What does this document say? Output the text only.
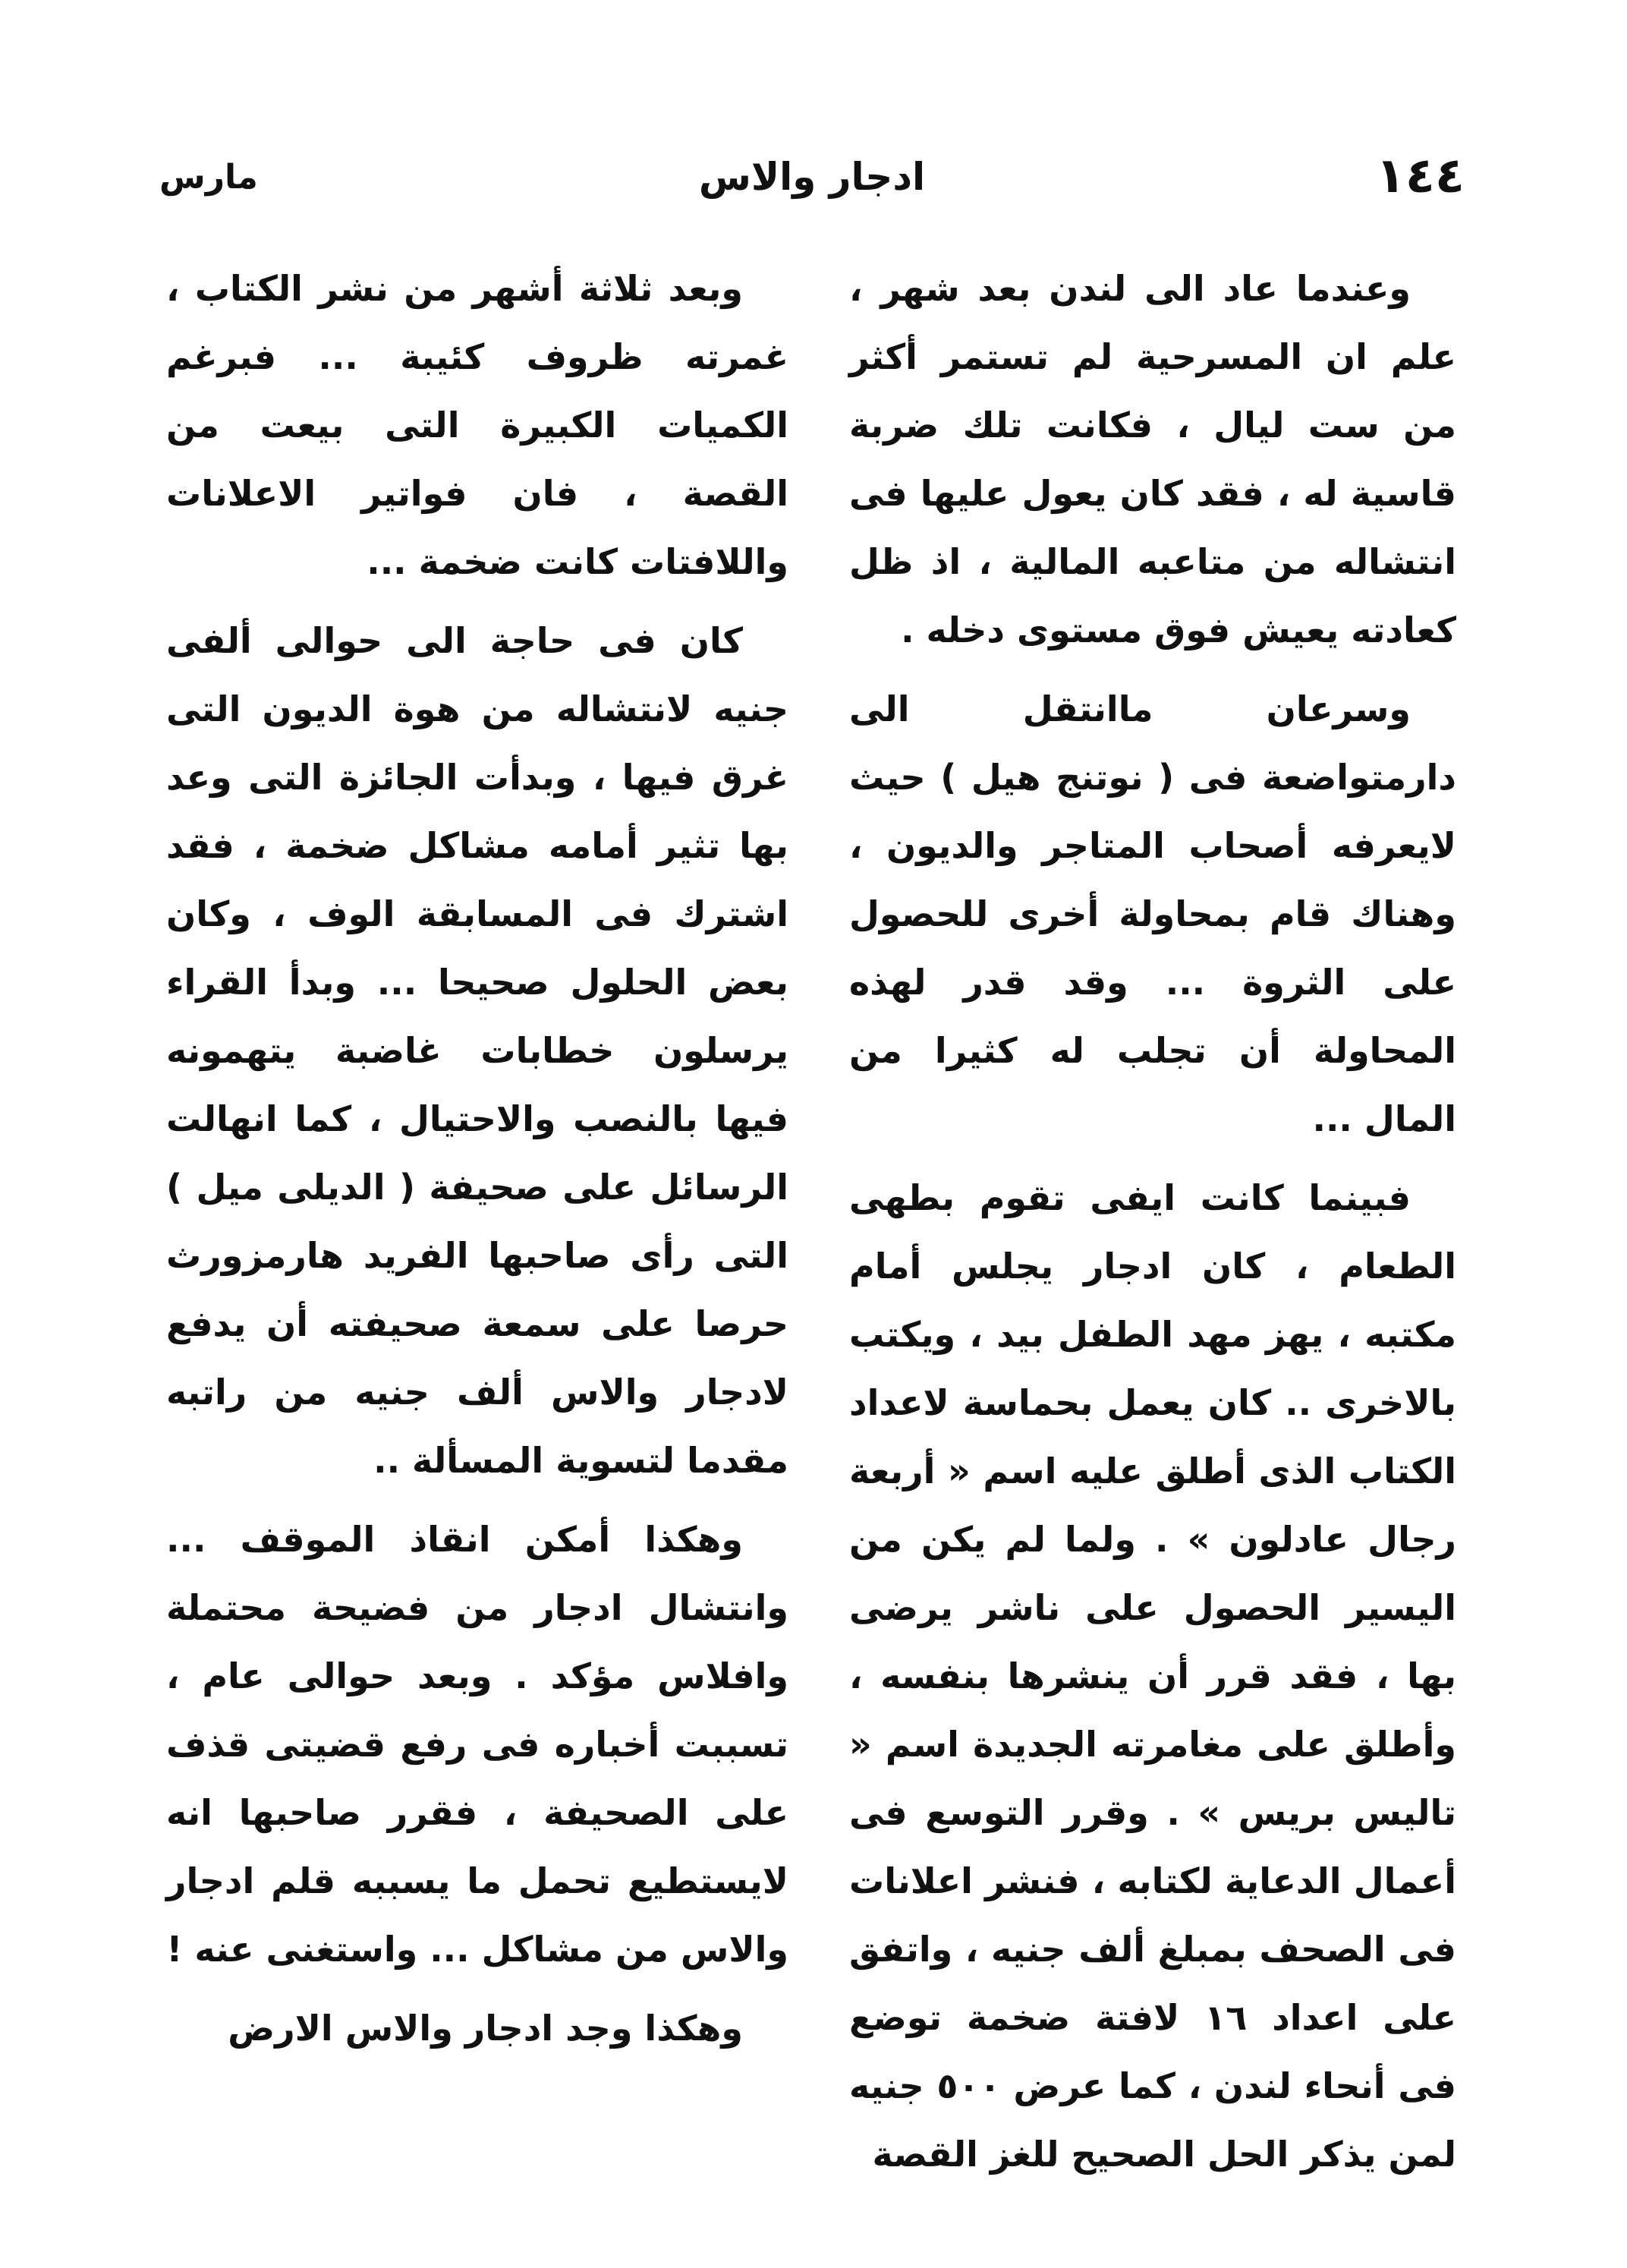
١٤٤
ادجار والاس
مارس

وعندما عاد الى لندن بعد شهر ، علم ان المسرحية لم تستمر أكثر من ست ليال ، فكانت تلك ضربة قاسية له ، فقد كان يعول عليها فى انتشاله من متاعبه المالية ، اذ ظل كعادته يعيش فوق مستوى دخله .

وسرعان ماانتقل الى دارمتواضعة فى ( نوتنج هيل ) حيث لايعرفه أصحاب المتاجر والديون ، وهناك قام بمحاولة أخرى للحصول على الثروة ... وقد قدر لهذه المحاولة أن تجلب له كثيرا من المال ...

فبينما كانت ايفى تقوم بطهى الطعام ، كان ادجار يجلس أمام مكتبه ، يهز مهد الطفل بيد ، ويكتب بالاخرى .. كان يعمل بحماسة لاعداد الكتاب الذى أطلق عليه اسم « أربعة رجال عادلون » . ولما لم يكن من اليسير الحصول على ناشر يرضى بها ، فقد قرر أن ينشرها بنفسه ، وأطلق على مغامرته الجديدة اسم « تاليس بريس » . وقرر التوسع فى أعمال الدعاية لكتابه ، فنشر اعلانات فى الصحف بمبلغ ألف جنيه ، واتفق على اعداد ١٦ لافتة ضخمة توضع فى أنحاء لندن ، كما عرض ٥٠٠ جنيه لمن يذكر الحل الصحيح للغز القصة

وبعد ثلاثة أشهر من نشر الكتاب ، غمرته ظروف كئيبة ... فبرغم الكميات الكبيرة التى بيعت من القصة ، فان فواتير الاعلانات واللافتات كانت ضخمة ...

كان فى حاجة الى حوالى ألفى جنيه لانتشاله من هوة الديون التى غرق فيها ، وبدأت الجائزة التى وعد بها تثير أمامه مشاكل ضخمة ، فقد اشترك فى المسابقة الوف ، وكان بعض الحلول صحيحا ... وبدأ القراء يرسلون خطابات غاضبة يتهمونه فيها بالنصب والاحتيال ، كما انهالت الرسائل على صحيفة ( الديلى ميل ) التى رأى صاحبها الفريد هارمزورث حرصا على سمعة صحيفته أن يدفع لادجار والاس ألف جنيه من راتبه مقدما لتسوية المسألة ..

وهكذا أمكن انقاذ الموقف ... وانتشال ادجار من فضيحة محتملة وافلاس مؤكد . وبعد حوالى عام ، تسببت أخباره فى رفع قضيتى قذف على الصحيفة ، فقرر صاحبها انه لايستطيع تحمل ما يسببه قلم ادجار والاس من مشاكل ... واستغنى عنه !

وهكذا وجد ادجار والاس الارض
